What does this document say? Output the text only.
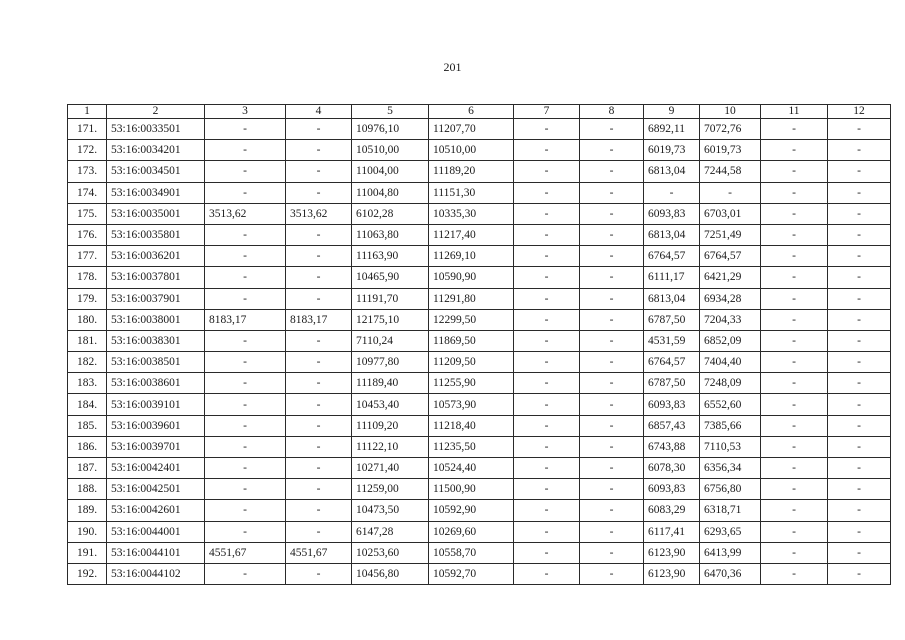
201
1	2	3	4	5	6	7	8	9	10	11	12
171.	53:16:0033501	-	-	10976,10	11207,70	-	-	6892,11	7072,76	-	-
172.	53:16:0034201	-	-	10510,00	10510,00	-	-	6019,73	6019,73	-	-
173.	53:16:0034501	-	-	11004,00	11189,20	-	-	6813,04	7244,58	-	-
174.	53:16:0034901	-	-	11004,80	11151,30	-	-	-	-	-	-
175.	53:16:0035001	3513,62	3513,62	6102,28	10335,30	-	-	6093,83	6703,01	-	-
176.	53:16:0035801	-	-	11063,80	11217,40	-	-	6813,04	7251,49	-	-
177.	53:16:0036201	-	-	11163,90	11269,10	-	-	6764,57	6764,57	-	-
178.	53:16:0037801	-	-	10465,90	10590,90	-	-	6111,17	6421,29	-	-
179.	53:16:0037901	-	-	11191,70	11291,80	-	-	6813,04	6934,28	-	-
180.	53:16:0038001	8183,17	8183,17	12175,10	12299,50	-	-	6787,50	7204,33	-	-
181.	53:16:0038301	-	-	7110,24	11869,50	-	-	4531,59	6852,09	-	-
182.	53:16:0038501	-	-	10977,80	11209,50	-	-	6764,57	7404,40	-	-
183.	53:16:0038601	-	-	11189,40	11255,90	-	-	6787,50	7248,09	-	-
184.	53:16:0039101	-	-	10453,40	10573,90	-	-	6093,83	6552,60	-	-
185.	53:16:0039601	-	-	11109,20	11218,40	-	-	6857,43	7385,66	-	-
186.	53:16:0039701	-	-	11122,10	11235,50	-	-	6743,88	7110,53	-	-
187.	53:16:0042401	-	-	10271,40	10524,40	-	-	6078,30	6356,34	-	-
188.	53:16:0042501	-	-	11259,00	11500,90	-	-	6093,83	6756,80	-	-
189.	53:16:0042601	-	-	10473,50	10592,90	-	-	6083,29	6318,71	-	-
190.	53:16:0044001	-	-	6147,28	10269,60	-	-	6117,41	6293,65	-	-
191.	53:16:0044101	4551,67	4551,67	10253,60	10558,70	-	-	6123,90	6413,99	-	-
192.	53:16:0044102	-	-	10456,80	10592,70	-	-	6123,90	6470,36	-	-
